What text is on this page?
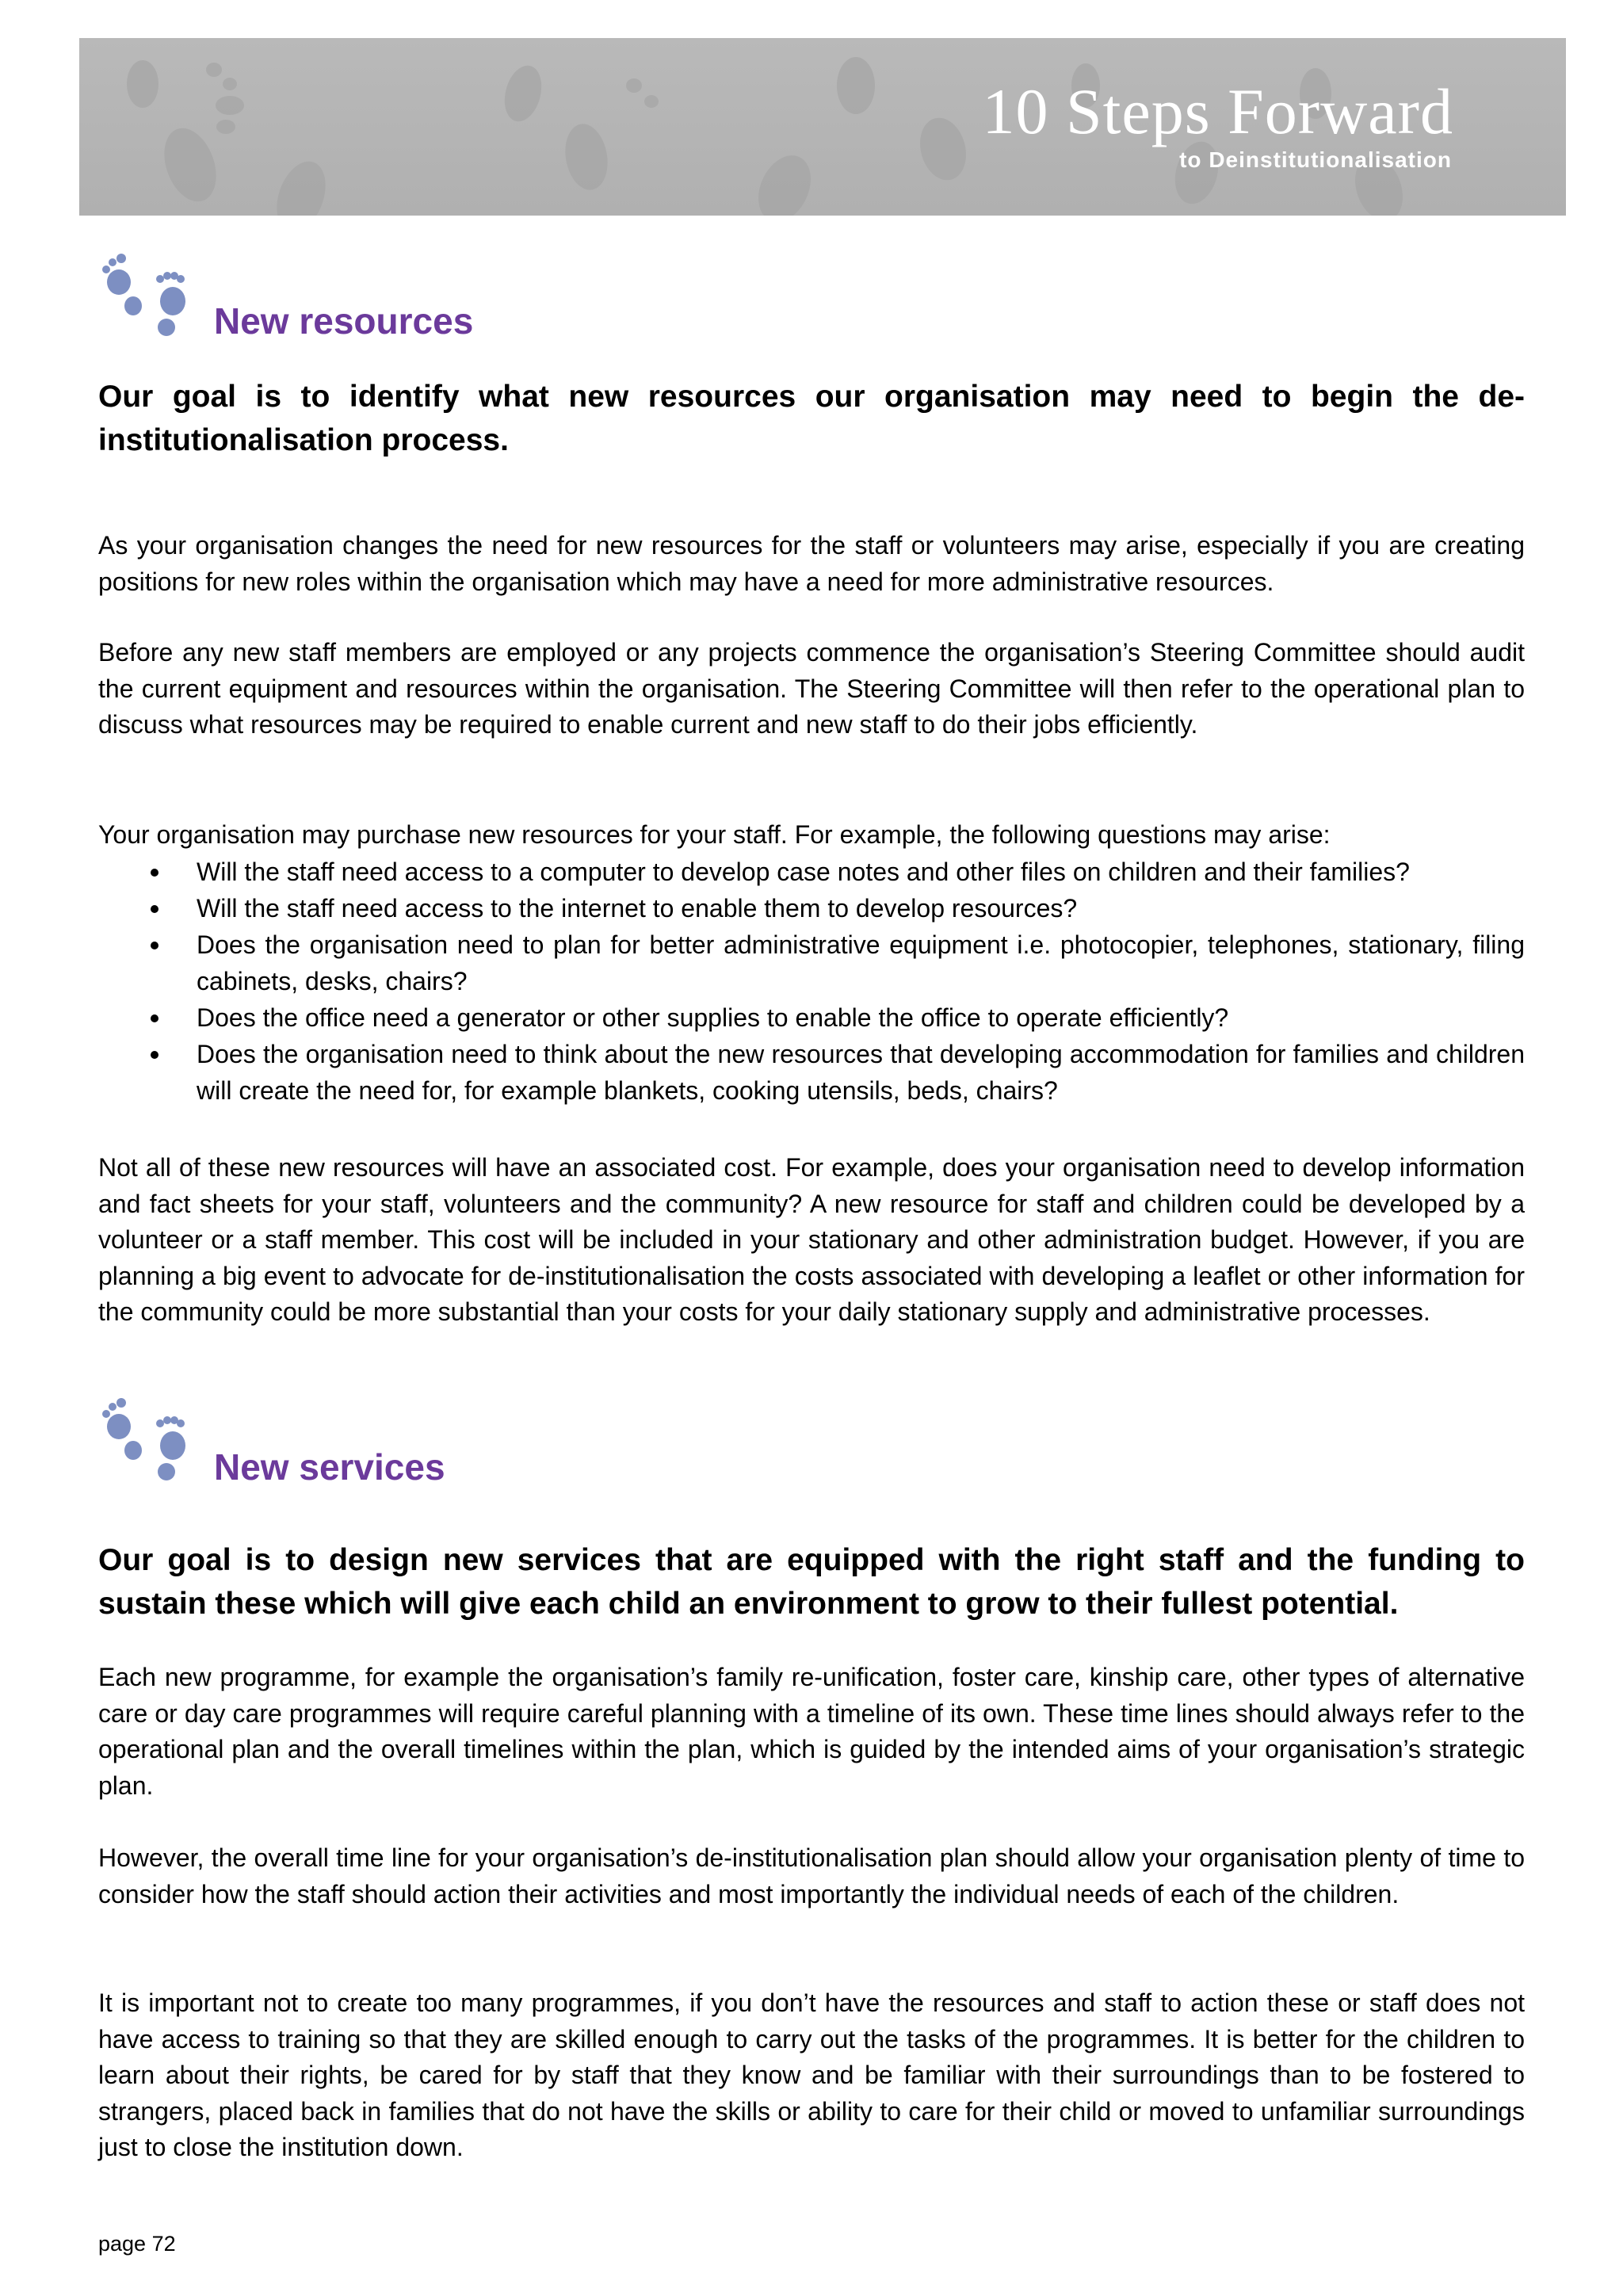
10 Steps Forward
to Deinstitutionalisation
New resources

Our goal is to identify what new resources our organisation may need to begin the de-institutionalisation process.

As your organisation changes the need for new resources for the staff or volunteers may arise, especially if you are creating positions for new roles within the organisation which may have a need for more administrative resources.

Before any new staff members are employed or any projects commence the organisation’s Steering Committee should audit the current equipment and resources within the organisation. The Steering Committee will then refer to the operational plan to discuss what resources may be required to enable current and new staff to do their jobs efficiently.

Your organisation may purchase new resources for your staff. For example, the following questions may arise:

Will the staff need access to a computer to develop case notes and other files on children and their families?
Will the staff need access to the internet to enable them to develop resources?
Does the organisation need to plan for better administrative equipment i.e. photocopier, telephones, stationary, filing cabinets, desks, chairs?
Does the office need a generator or other supplies to enable the office to operate efficiently?
Does the organisation need to think about the new resources that developing accommodation for families and children will create the need for, for example blankets, cooking utensils, beds, chairs?

Not all of these new resources will have an associated cost. For example, does your organisation need to develop information and fact sheets for your staff, volunteers and the community? A new resource for staff and children could be developed by a volunteer or a staff member. This cost will be included in your stationary and other administration budget. However, if you are planning a big event to advocate for de-institutionalisation the costs associated with developing a leaflet or other information for the community could be more substantial than your costs for your daily stationary supply and administrative processes.

New services

Our goal is to design new services that are equipped with the right staff and the funding to sustain these which will give each child an environment to grow to their fullest potential.

Each new programme, for example the organisation’s family re-unification, foster care, kinship care, other types of alternative care or day care programmes will require careful planning with a timeline of its own. These time lines should always refer to the operational plan and the overall timelines within the plan, which is guided by the intended aims of your organisation’s strategic plan.

However, the overall time line for your organisation’s de-institutionalisation plan should allow your organisation plenty of time to consider how the staff should action their activities and most importantly the individual needs of each of the children.

It is important not to create too many programmes, if you don’t have the resources and staff to action these or staff does not have access to training so that they are skilled enough to carry out the tasks of the programmes. It is better for the children to learn about their rights, be cared for by staff that they know and be familiar with their surroundings than to be fostered to strangers, placed back in families that do not have the skills or ability to care for their child or moved to unfamiliar surroundings just to close the institution down.

page 72
